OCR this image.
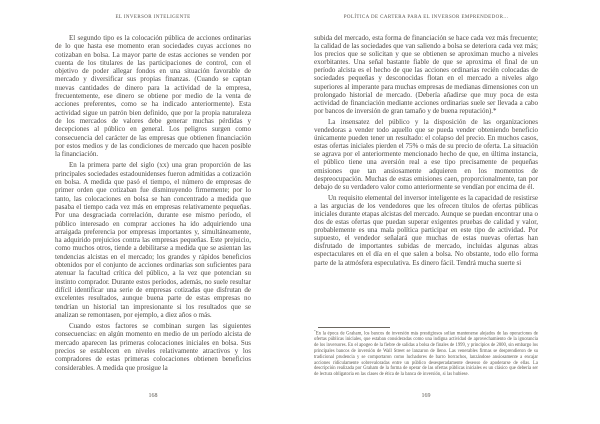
EL INVERSOR INTELIGENTE

El segundo tipo es la colocación pública de acciones ordinarias de lo que hasta ese momento eran sociedades cuyas acciones no cotizaban en bolsa. La mayor parte de estas acciones se venden por cuenta de los titulares de las participaciones de control, con el objetivo de poder allegar fondos en una situación favorable de mercado y diversificar sus propias finanzas. (Cuando se captan nuevas cantidades de dinero para la actividad de la empresa, frecuentemente, ese dinero se obtiene por medio de la venta de acciones preferentes, como se ha indicado anteriormente). Esta actividad sigue un patrón bien definido, que por la propia naturaleza de los mercados de valores debe generar muchas pérdidas y decepciones al público en general. Los peligros surgen como consecuencia del carácter de las empresas que obtienen financiación por estos medios y de las condiciones de mercado que hacen posible la financiación.

En la primera parte del siglo (xx) una gran proporción de las principales sociedades estadounidenses fueron admitidas a cotización en bolsa. A medida que pasó el tiempo, el número de empresas de primer orden que cotizaban fue disminuyendo firmemente; por lo tanto, las colocaciones en bolsa se han concentrado a medida que pasaba el tiempo cada vez más en empresas relativamente pequeñas. Por una desgraciada correlación, durante ese mismo período, el público interesado en comprar acciones ha ido adquiriendo una arraigada preferencia por empresas importantes y, simultáneamente, ha adquirido prejuicios contra las empresas pequeñas. Este prejuicio, como muchos otros, tiende a debilitarse a medida que se asientan las tendencias alcistas en el mercado; los grandes y rápidos beneficios obtenidos por el conjunto de acciones ordinarias son suficientes para atenuar la facultad crítica del público, a la vez que potencian su instinto comprador. Durante estos períodos, además, no suele resultar difícil identificar una serie de empresas cotizadas que disfrutan de excelentes resultados, aunque buena parte de estas empresas no tendrían un historial tan impresionante si los resultados que se analizan se remontasen, por ejemplo, a diez años o más.

Cuando estos factores se combinan surgen las siguientes consecuencias: en algún momento en medio de un período alcista de mercado aparecen las primeras colocaciones iniciales en bolsa. Sus precios se establecen en niveles relativamente atractivos y los compradores de estas primeras colocaciones obtienen beneficios considerables. A medida que prosigue la

168
POLÍTICA DE CARTERA PARA EL INVERSOR EMPRENDEDOR...

subida del mercado, esta forma de financiación se hace cada vez más frecuente; la calidad de las sociedades que van saliendo a bolsa se deteriora cada vez más; los precios que se solicitan y que se obtienen se aproximan mucho a niveles exorbitantes. Una señal bastante fiable de que se aproxima el final de un período alcista es el hecho de que las acciones ordinarias recién colocadas de sociedades pequeñas y desconocidas flotan en el mercado a niveles algo superiores al imperante para muchas empresas de medianas dimensiones con un prolongado historial de mercado. (Debería añadirse que muy poca de esta actividad de financiación mediante acciones ordinarias suele ser llevada a cabo por bancos de inversión de gran tamaño y de buena reputación).*

La insensatez del público y la disposición de las organizaciones vendedoras a vender todo aquello que se pueda vender obteniendo beneficio únicamente pueden tener un resultado: el colapso del precio. En muchos casos, estas ofertas iniciales pierden el 75% o más de su precio de oferta. La situación se agrava por el anteriormente mencionado hecho de que, en última instancia, el público tiene una aversión real a ese tipo precisamente de pequeñas emisiones que tan ansiosamente adquieren en los momentos de despreocupación. Muchas de estas emisiones caen, proporcionalmente, tan por debajo de su verdadero valor como anteriormente se vendían por encima de él.

Un requisito elemental del inversor inteligente es la capacidad de resistirse a las argucias de los vendedores que les ofrecen títulos de ofertas públicas iniciales durante etapas alcistas del mercado. Aunque se puedan encontrar una o dos de estas ofertas que puedan superar exigentes pruebas de calidad y valor, probablemente es una mala política participar en este tipo de actividad. Por supuesto, el vendedor señalará que muchas de estas nuevas ofertas han disfrutado de importantes subidas de mercado, incluidas algunas alzas espectaculares en el día en el que salen a bolsa. No obstante, todo ello forma parte de la atmósfera especulativa. Es dinero fácil. Tendrá mucha suerte si

*En la época de Graham, los bancos de inversión más prestigiosos solían mantenerse alejados de las operaciones de ofertas públicas iniciales, que estaban consideradas como una indigna actividad de aprovechamiento de la ignorancia de los inversores. En el apogeo de la fiebre de salidas a bolsa de finales de 1999, y principios de 2000, sin embargo los principales bancos de inversión de Wall Street se lanzaron de lleno. Las venerables firmas se desprendieron de su tradicional prudencia y se comportaron como luchadores de barro borrachos, lanzándose ansiosamente a encajar acciones ridículamente sobrevaloradas entre un público desesperadamente deseoso de apoderarse de ellas. La descripción realizada por Graham de la forma de operar de las ofertas públicas iniciales es un clásico que debería ser de lectura obligatoria en las clases de ética de la banca de inversión, si las hubiese.

169
